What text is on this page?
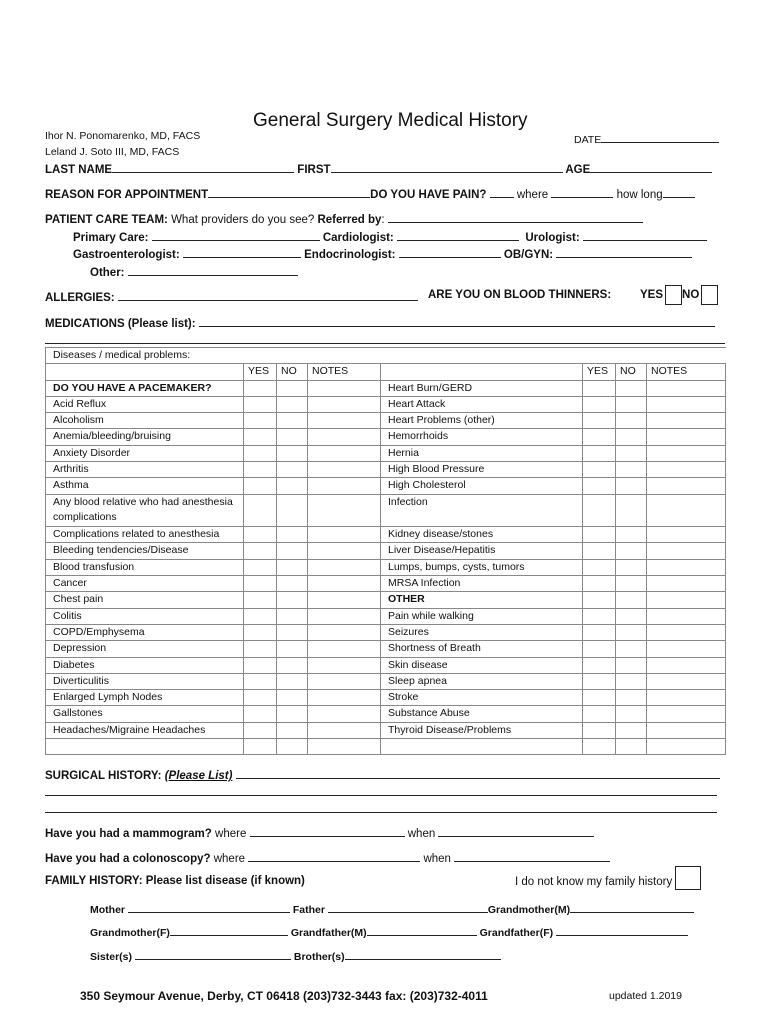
General Surgery Medical History
Ihor N. Ponomarenko, MD, FACS
Leland J. Soto III, MD, FACS
DATE
LAST NAME	FIRST	AGE
REASON FOR APPOINTMENT	DO YOU HAVE PAIN?	where	how long
PATIENT CARE TEAM: What providers do you see? Referred by:
Primary Care:	Cardiologist:	Urologist:
Gastroenterologist:	Endocrinologist:	OB/GYN:
Other:
ALLERGIES:	ARE YOU ON BLOOD THINNERS:	YES NO
MEDICATIONS (Please list):
Diseases / medical problems:							
	YES	NO	NOTES		YES	NO	NOTES
DO YOU HAVE A PACEMAKER?				Heart Burn/GERD			
Acid Reflux				Heart Attack			
Alcoholism				Heart Problems (other)			
Anemia/bleeding/bruising				Hemorrhoids			
Anxiety Disorder				Hernia			
Arthritis				High Blood Pressure			
Asthma				High Cholesterol			
Any blood relative who had anesthesia complications				Infection			
Complications related to anesthesia				Kidney disease/stones			
Bleeding tendencies/Disease				Liver Disease/Hepatitis			
Blood transfusion				Lumps, bumps, cysts, tumors			
Cancer				MRSA Infection			
Chest pain				OTHER			
Colitis				Pain while walking			
COPD/Emphysema				Seizures			
Depression				Shortness of Breath			
Diabetes				Skin disease			
Diverticulitis				Sleep apnea			
Enlarged Lymph Nodes				Stroke			
Gallstones				Substance Abuse			
Headaches/Migraine Headaches				Thyroid Disease/Problems			

SURGICAL HISTORY: (Please List)
Have you had a mammogram? where	when
Have you had a colonoscopy? where	when
FAMILY HISTORY: Please list disease (if known)	I do not know my family history
Mother	Father	Grandmother(M)
Grandmother(F)	Grandfather(M)	Grandfather(F)
Sister(s)	Brother(s)
350 Seymour Avenue, Derby, CT 06418 (203)732-3443 fax: (203)732-4011	updated 1.2019
